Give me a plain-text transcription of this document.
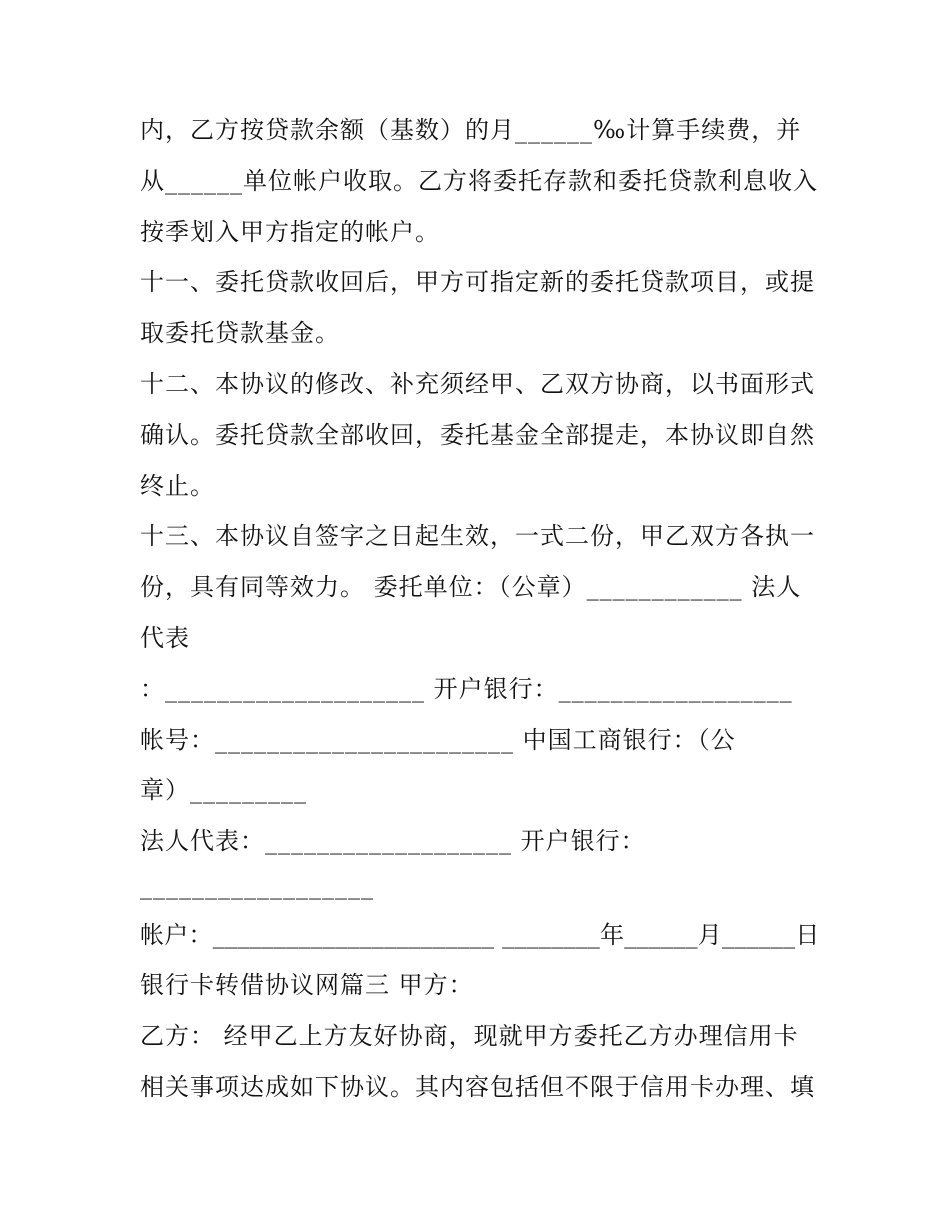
内，乙方按贷款余额（基数）的月______‰计算手续费，并
从______单位帐户收取。乙方将委托存款和委托贷款利息收入
按季划入甲方指定的帐户。
十一、委托贷款收回后，甲方可指定新的委托贷款项目，或提
取委托贷款基金。
十二、本协议的修改、补充须经甲、乙双方协商，以书面形式
确认。委托贷款全部收回，委托基金全部提走，本协议即自然
终止。
十三、本协议自签字之日起生效，一式二份，甲乙双方各执一
份，具有同等效力。 委托单位：（公章）____________ 法人
代表
：____________________ 开户银行：__________________
帐号：_______________________ 中国工商银行：（公
章）_________
法人代表：___________________ 开户银行：
__________________
帐户：_______________________ ________年______月______日
银行卡转借协议网篇三 甲方：
乙方： 经甲乙上方友好协商，现就甲方委托乙方办理信用卡
相关事项达成如下协议。其内容包括但不限于信用卡办理、填
